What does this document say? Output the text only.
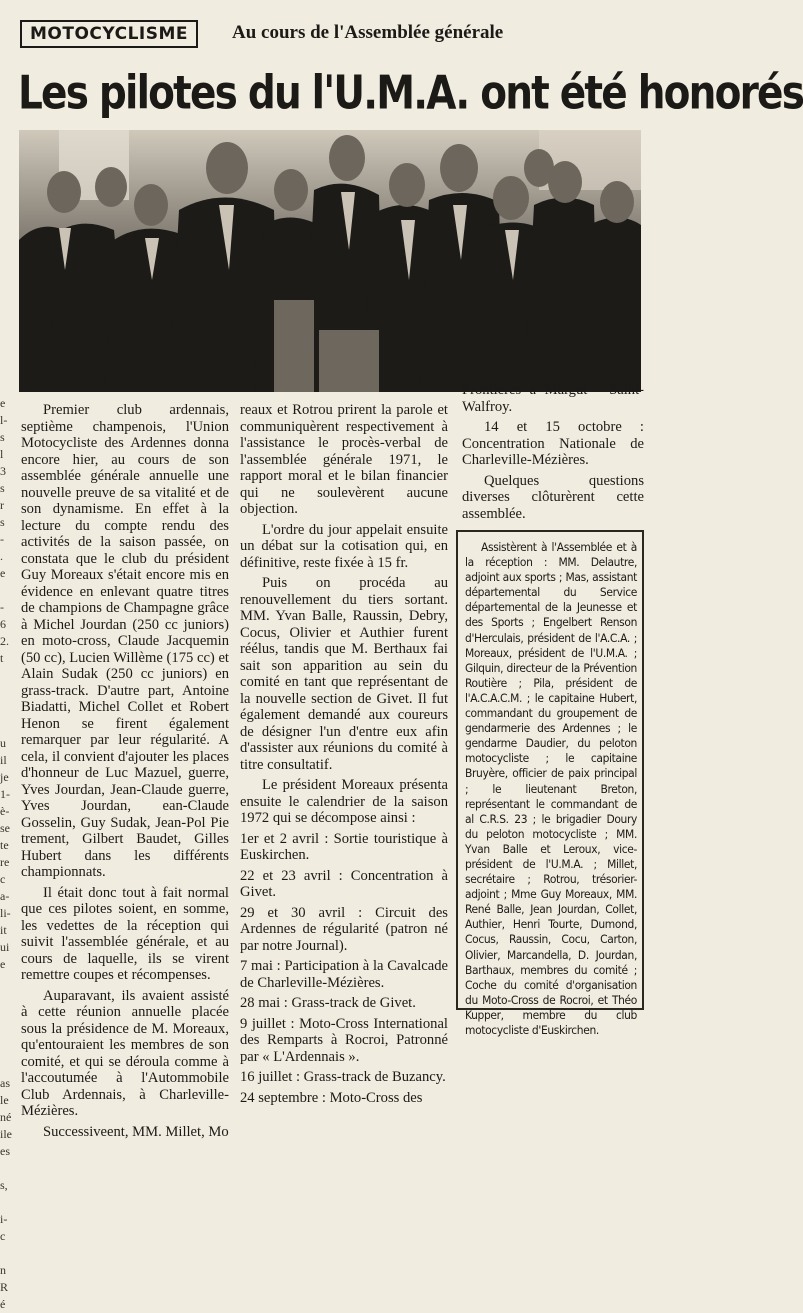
MOTOCYCLISME	Au cours de l'Assemblée générale
Les pilotes du l'U.M.A. ont été honorés
e
l-
s
l
3
s
r
s
-
.
e

-
6
2.
t

u
il
je
1-
è-
se
te
re
c
a-
li-
it
ui
e

as
le
né
ile
es

s,

i-
c

n
R
é

Premier club ardennais, septième champenois, l'Union Motocycliste des Ardennes donna encore hier, au cours de son assemblée générale annuelle une nouvelle preuve de sa vitalité et de son dynamisme. En effet à la lecture du compte rendu des activités de la saison passée, on constata que le club du président Guy Moreaux s'était encore mis en évidence en enlevant quatre titres de champions de Champagne grâce à Michel Jourdan (250 cc juniors) en moto-cross, Claude Jacquemin (50 cc), Lucien Willème (175 cc) et Alain Sudak (250 cc juniors) en grass-track. D'autre part, Antoine Biadatti, Michel Collet et Robert Henon se firent également remarquer par leur régularité. A cela, il convient d'ajouter les places d'honneur de Luc Mazuel, guerre, Yves Jourdan, Jean-Claude guerre, Yves Jourdan, ean-Claude Gosselin, Guy Sudak, Jean-Pol Pie trement, Gilbert Baudet, Gilles Hubert dans les différents championnats.

Il était donc tout à fait normal que ces pilotes soient, en somme, les vedettes de la réception qui suivit l'assemblée générale, et au cours de laquelle, ils se virent remettre coupes et récompenses.

Auparavant, ils avaient assisté à cette réunion annuelle placée sous la présidence de M. Moreaux, qu'entouraient les membres de son comité, et qui se déroula comme à l'accoutumée à l'Autommobile Club Ardennais, à Charleville-Mézières.

Successiveent, MM. Millet, Mo

reaux et Rotrou prirent la parole et communiquèrent respectivement à l'assistance le procès-verbal de l'assemblée générale 1971, le rapport moral et le bilan financier qui ne soulevèrent aucune objection.

L'ordre du jour appelait ensuite un débat sur la cotisation qui, en définitive, reste fixée à 15 fr.

Puis on procéda au renouvellement du tiers sortant. MM. Yvan Balle, Raussin, Debry, Cocus, Olivier et Authier furent réélus, tandis que M. Berthaux fai sait son apparition au sein du comité en tant que représentant de la nouvelle section de Givet. Il fut également demandé aux coureurs de désigner l'un d'entre eux afin d'assister aux réunions du comité à titre consultatif.

Le président Moreaux présenta ensuite le calendrier de la saison 1972 qui se décompose ainsi :

1er et 2 avril : Sortie touristique à Euskirchen.

22 et 23 avril : Concentration à Givet.

29 et 30 avril : Circuit des Ardennes de régularité (patron né par notre Journal).

7 mai : Participation à la Cavalcade de Charleville-Mézières.

28 mai : Grass-track de Givet.

9 juillet : Moto-Cross International des Remparts à Rocroi, Patronné par « L'Ardennais ».

16 juillet : Grass-track de Buzancy.

24 septembre : Moto-Cross des

Frontières à Margut - Saint-Walfroy.

14 et 15 octobre : Concentration Nationale de Charleville-Mézières.

Quelques questions diverses clôturèrent cette assemblée.

Assistèrent à l'Assemblée et à la réception : MM. Delautre, adjoint aux sports ; Mas, assistant départemental du Service départemental de la Jeunesse et des Sports ; Engelbert Renson d'Herculais, président de l'A.C.A. ; Moreaux, président de l'U.M.A. ; Gilquin, directeur de la Prévention Routière ; Pila, président de l'A.C.A.C.M. ; le capitaine Hubert, commandant du groupement de gendarmerie des Ardennes ; le gendarme Daudier, du peloton motocycliste ; le capitaine Bruyère, officier de paix principal ; le lieutenant Breton, représentant le commandant de al C.R.S. 23 ; le brigadier Doury du peloton motocycliste ; MM. Yvan Balle et Leroux, vice-président de l'U.M.A. ; Millet, secrétaire ; Rotrou, trésorier-adjoint ; Mme Guy Moreaux, MM. René Balle, Jean Jourdan, Collet, Authier, Henri Tourte, Dumond, Cocus, Raussin, Cocu, Carton, Olivier, Marcandella, D. Jourdan, Barthaux, membres du comité ; Coche du comité d'organisation du Moto-Cross de Rocroi, et Théo Kupper, membre du club motocycliste d'Euskirchen.
